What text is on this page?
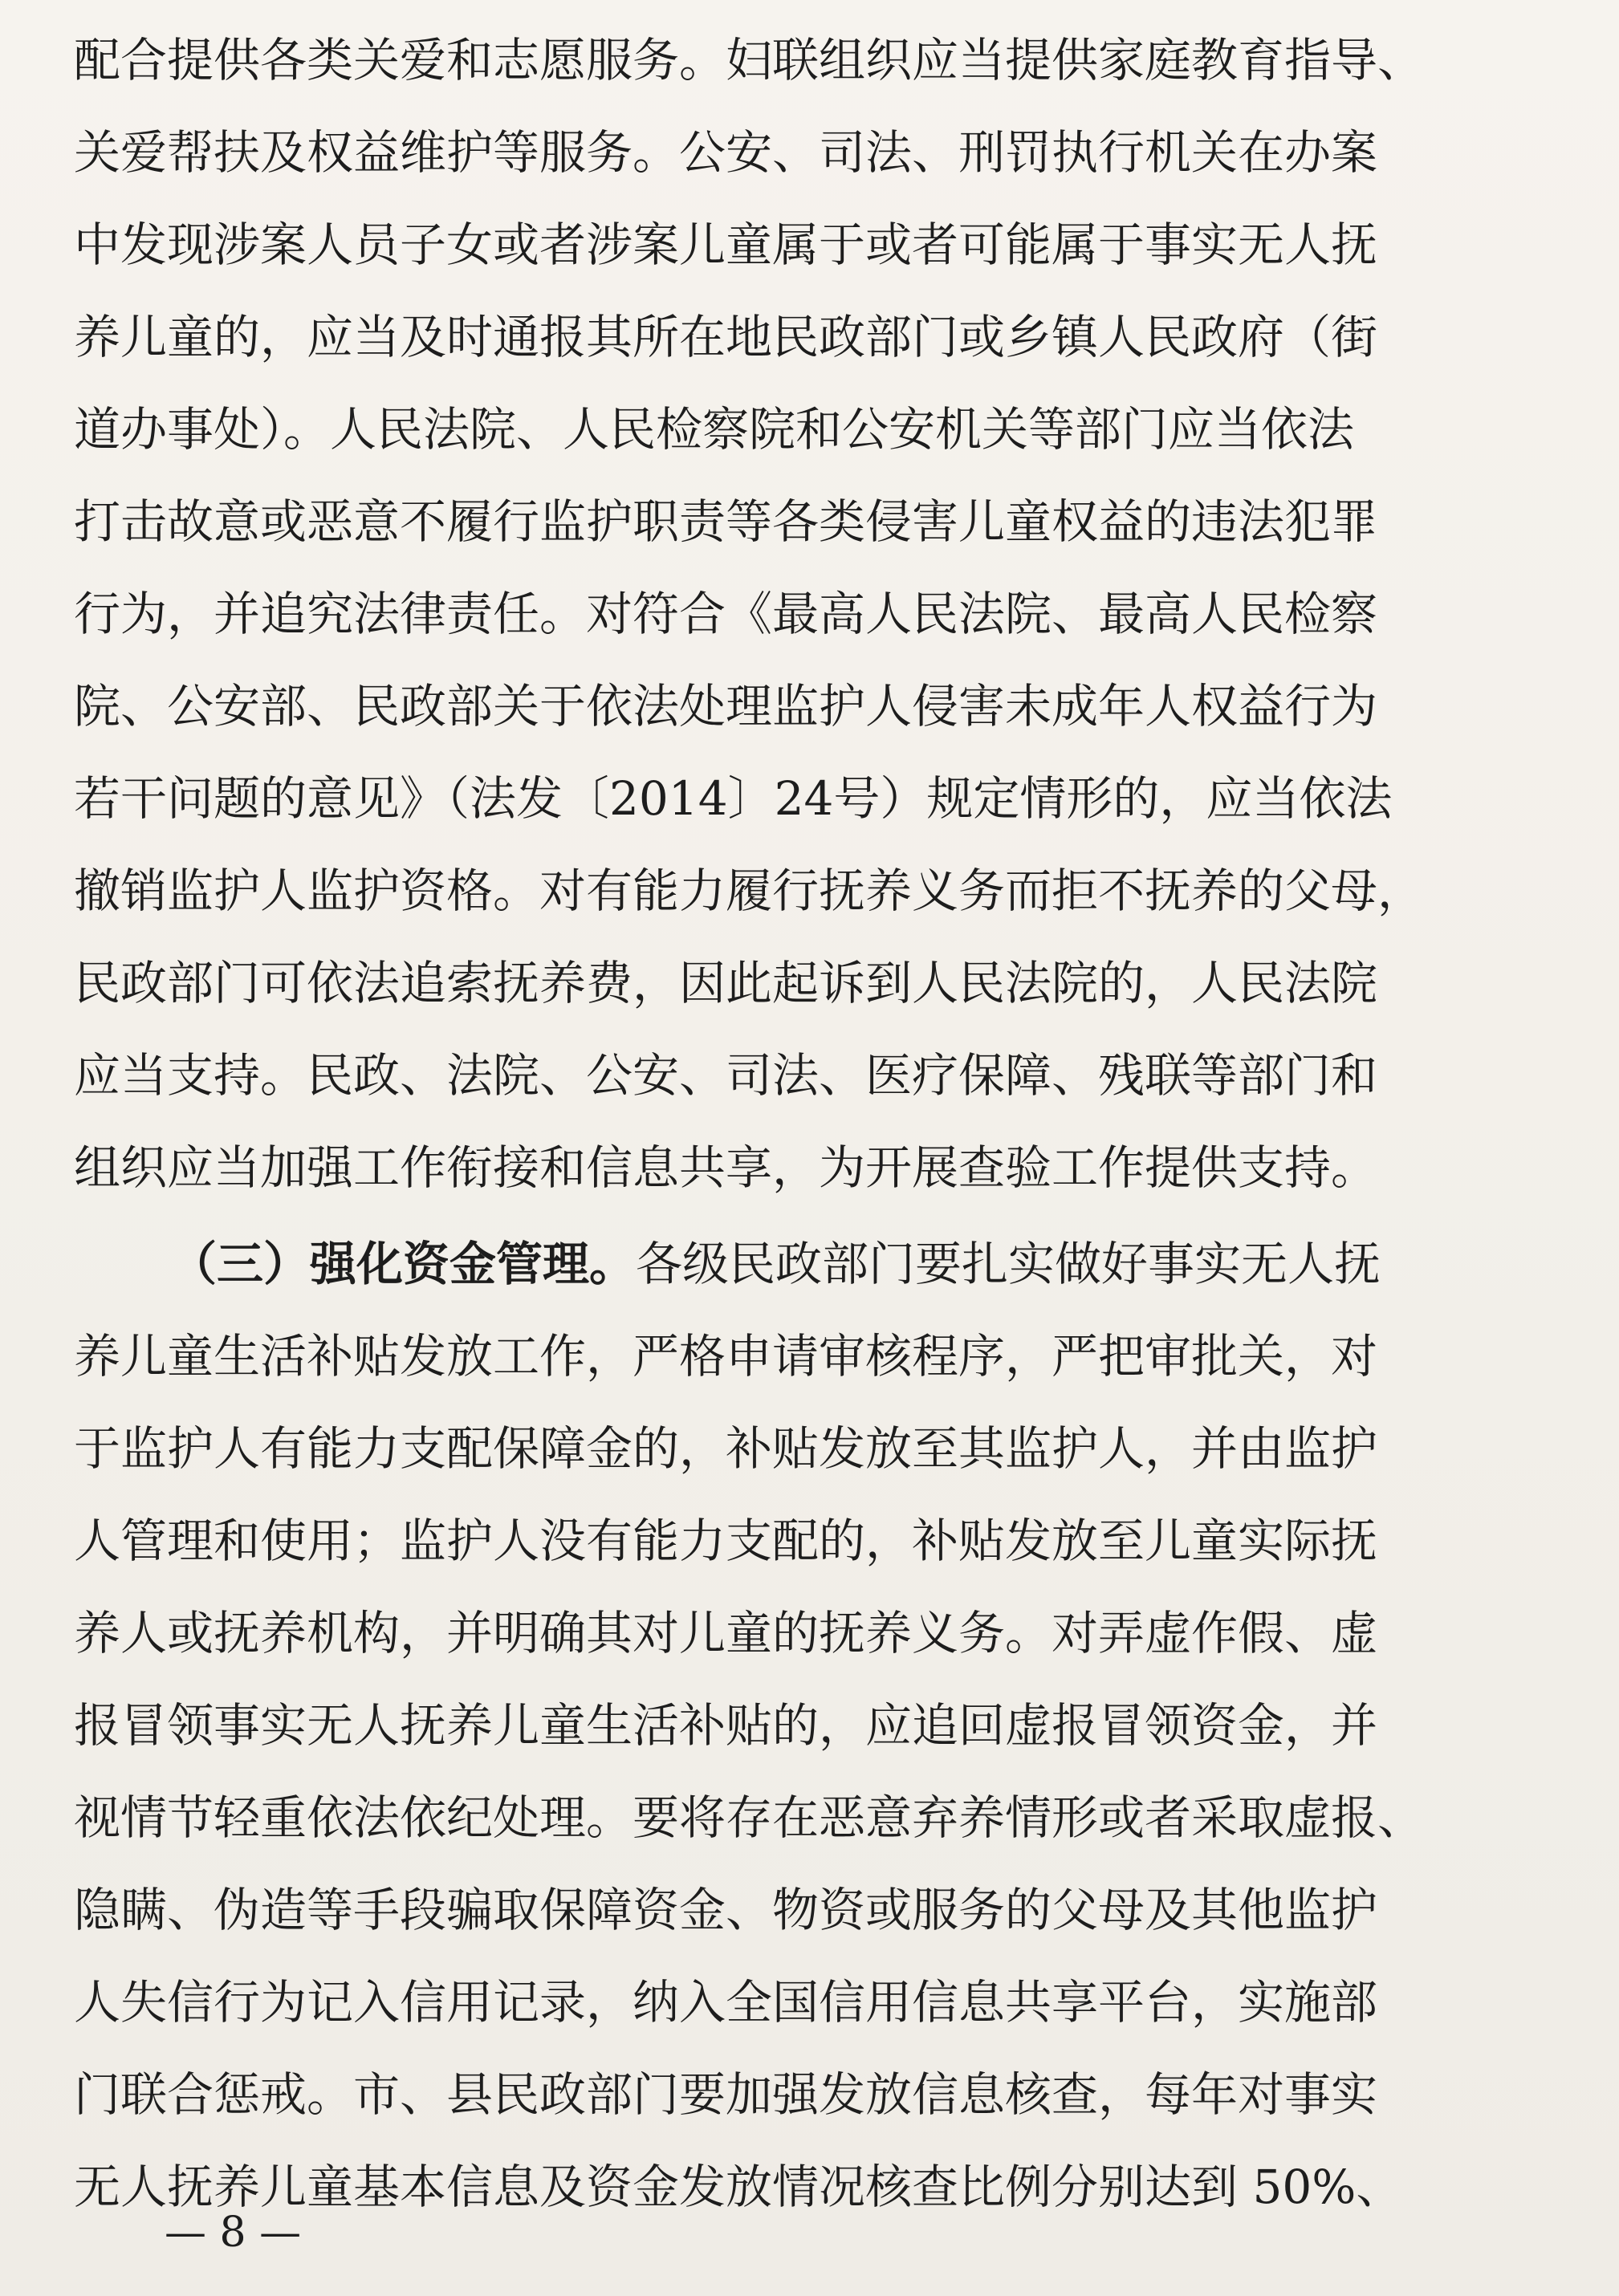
配合提供各类关爱和志愿服务。妇联组织应当提供家庭教育指导、
关爱帮扶及权益维护等服务。公安、司法、刑罚执行机关在办案
中发现涉案人员子女或者涉案儿童属于或者可能属于事实无人抚
养儿童的，应当及时通报其所在地民政部门或乡镇人民政府（街
道办事处）。人民法院、人民检察院和公安机关等部门应当依法
打击故意或恶意不履行监护职责等各类侵害儿童权益的违法犯罪
行为，并追究法律责任。对符合《最高人民法院、最高人民检察
院、公安部、民政部关于依法处理监护人侵害未成年人权益行为
若干问题的意见》（法发〔2014〕24号）规定情形的，应当依法
撤销监护人监护资格。对有能力履行抚养义务而拒不抚养的父母，
民政部门可依法追索抚养费，因此起诉到人民法院的，人民法院
应当支持。民政、法院、公安、司法、医疗保障、残联等部门和
组织应当加强工作衔接和信息共享，为开展查验工作提供支持。
（三）强化资金管理。各级民政部门要扎实做好事实无人抚
养儿童生活补贴发放工作，严格申请审核程序，严把审批关，对
于监护人有能力支配保障金的，补贴发放至其监护人，并由监护
人管理和使用；监护人没有能力支配的，补贴发放至儿童实际抚
养人或抚养机构，并明确其对儿童的抚养义务。对弄虚作假、虚
报冒领事实无人抚养儿童生活补贴的，应追回虚报冒领资金，并
视情节轻重依法依纪处理。要将存在恶意弃养情形或者采取虚报、
隐瞒、伪造等手段骗取保障资金、物资或服务的父母及其他监护
人失信行为记入信用记录，纳入全国信用信息共享平台，实施部
门联合惩戒。市、县民政部门要加强发放信息核查，每年对事实
无人抚养儿童基本信息及资金发放情况核查比例分别达到 50%、
— 8 —
